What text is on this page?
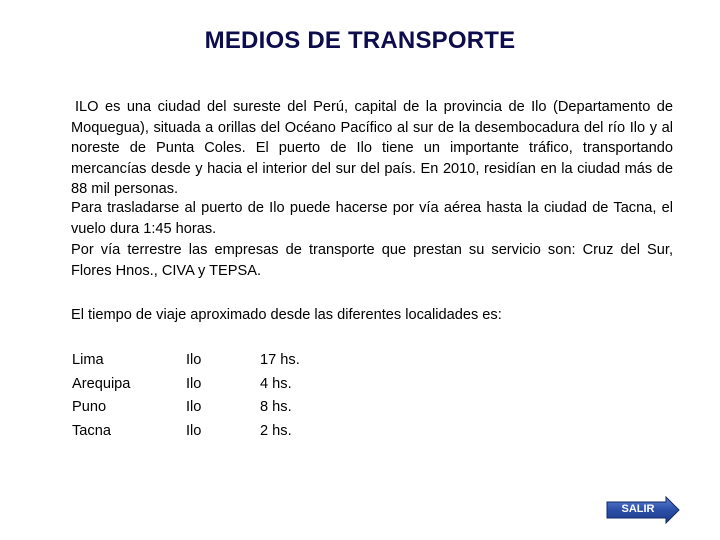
MEDIOS DE TRANSPORTE

ILO es una ciudad del sureste del Perú, capital de la provincia de Ilo (Departamento de Moquegua), situada a orillas del Océano Pacífico al sur de la desembocadura del río Ilo y al noreste de Punta Coles. El puerto de Ilo tiene un importante tráfico, transportando mercancías desde y hacia el interior del sur del país. En 2010, residían en la ciudad más de 88 mil personas.

Para trasladarse al puerto de Ilo puede hacerse por vía aérea hasta la ciudad de Tacna, el vuelo dura 1:45 horas.

Por vía terrestre las empresas de transporte que prestan su servicio son: Cruz del Sur, Flores Hnos., CIVA y TEPSA.

El tiempo de viaje aproximado desde las diferentes localidades es:

Lima	Ilo	17 hs.
Arequipa	Ilo	4 hs.
Puno	Ilo	8 hs.
Tacna	Ilo	2 hs.
SALIR
